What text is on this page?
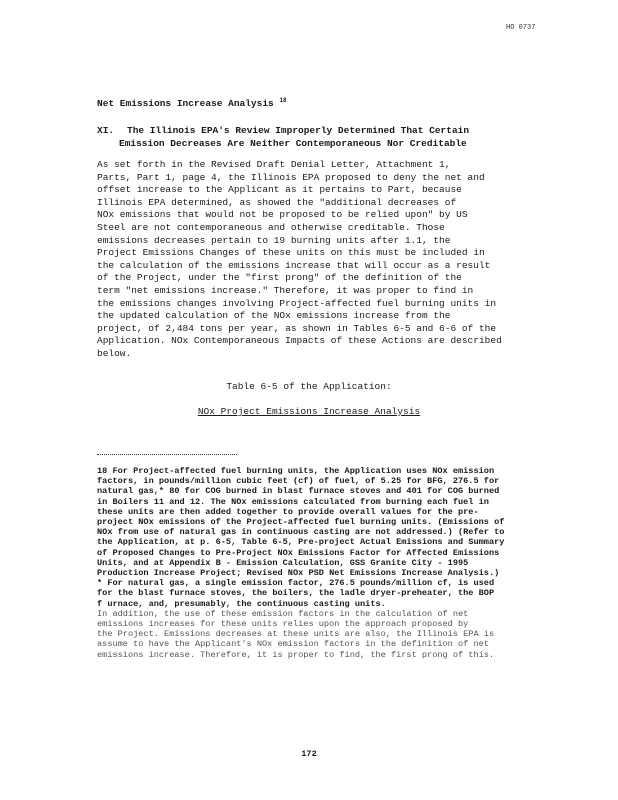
HO 0737
Net Emissions Increase Analysis $^{18}$
XI. The Illinois EPA's Review Improperly Determined That Certain
Emission Decreases Are Neither Contemporaneous Nor Creditable
As set forth in the Revised Draft Denial Letter, Attachment 1,
Parts, Part 1, page 4, the Illinois EPA proposed to deny the net and
offset increase to the Applicant as it pertains to Part, because
Illinois EPA determined, as showed the "additional decreases of
NOx emissions that would not be proposed to be relied upon" by US
Steel are not contemporaneous and otherwise creditable. Those
emissions decreases pertain to 19 burning units after 1.1, the
Project Emissions Changes of these units on this must be included in
the calculation of the emissions increase that will occur as a result
of the Project, under the "first prong" of the definition of the
term "net emissions increase." Therefore, it was proper to find in
the emissions changes involving Project-affected fuel burning units in
the updated calculation of the NOx emissions increase from the
project, of 2,484 tons per year, as shown in Tables 6-5 and 6-6 of the
Application. NOx Contemporaneous Impacts of these Actions are described
below.
Table 6-5 of the Application:
NOx Project Emissions Increase Analysis
18 For Project-affected fuel burning units, the Application uses NOx emission
factors, in pounds/million cubic feet (cf) of fuel, of 5.25 for BFG, 276.5 for
natural gas,* 80 for COG burned in blast furnace stoves and 401 for COG burned
in Boilers 11 and 12. The NOx emissions calculated from burning each fuel in
these units are then added together to provide overall values for the pre-
project NOx emissions of the Project-affected fuel burning units. (Emissions of
NOx from use of natural gas in continuous casting are not addressed.) (Refer to
the Application, at p. 6-5, Table 6-5, Pre-project Actual Emissions and Summary
of Proposed Changes to Pre-Project NOx Emissions Factor for Affected Emissions
Units, and at Appendix B - Emission Calculation, GSS Granite City - 1995
Production Increase Project; Revised NOx PSD Net Emissions Increase Analysis.)
* For natural gas, a single emission factor, 276.5 pounds/million cf, is used
for the blast furnace stoves, the boilers, the ladle dryer-preheater, the BOP
f urnace, and, presumably, the continuous casting units.
In addition, the use of these emission factors in the calculation of net
emissions increases for these units relies upon the approach proposed by
the Project. Emissions decreases at these units are also, the Illinois EPA is
assume to have the Applicant's NOx emission factors in the definition of net
emissions increase. Therefore, it is proper to find, the first prong of this.
172
